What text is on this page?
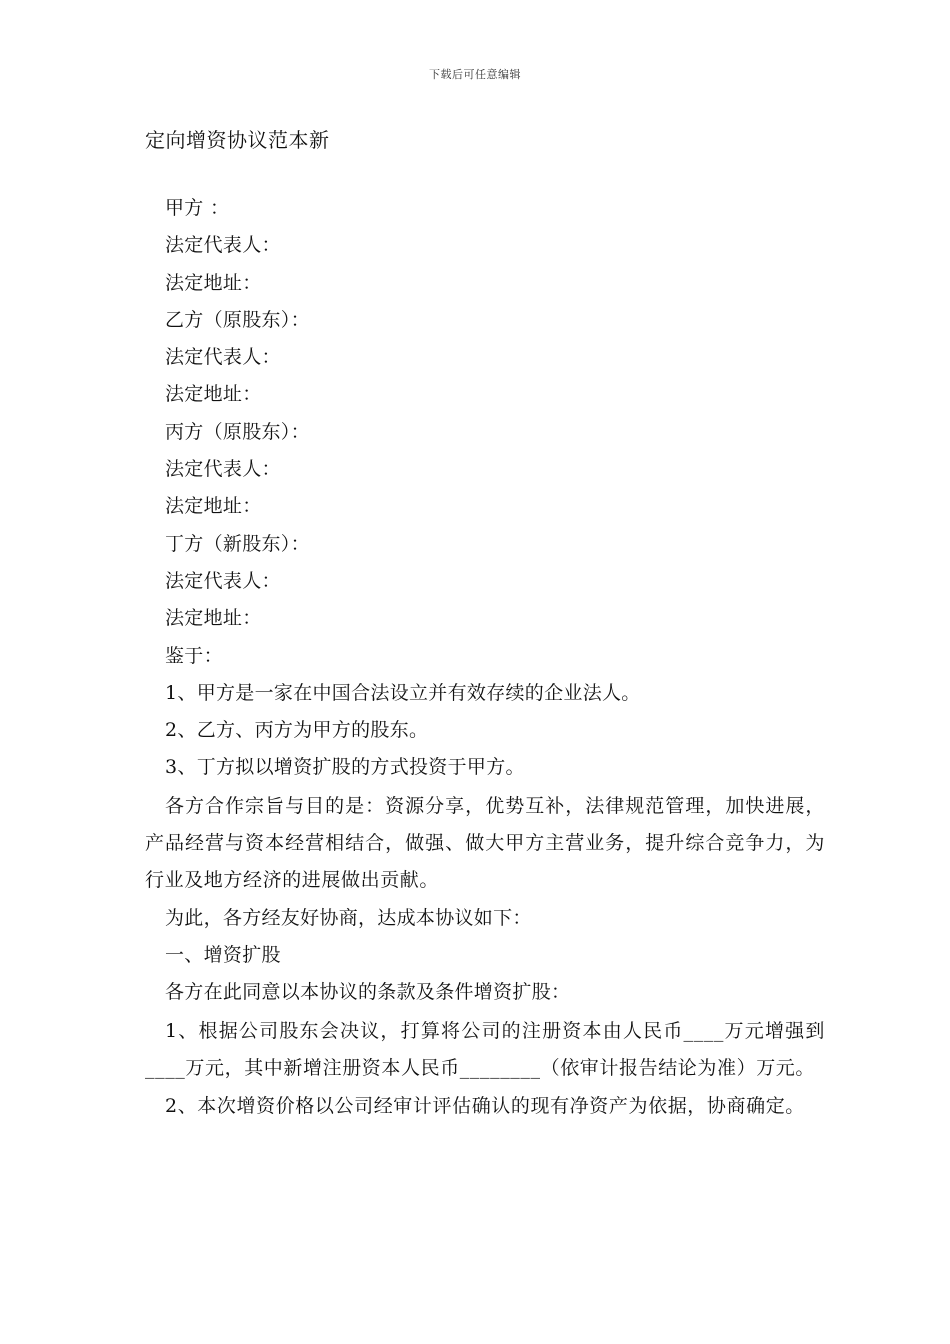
下载后可任意编辑
定向增资协议范本新
甲方 ：
法定代表人：
法定地址：
乙方（原股东）：
法定代表人：
法定地址：
丙方（原股东）：
法定代表人：
法定地址：
丁方（新股东）：
法定代表人：
法定地址：
鉴于：
1、甲方是一家在中国合法设立并有效存续的企业法人。
2、乙方、丙方为甲方的股东。
3、丁方拟以增资扩股的方式投资于甲方。
各方合作宗旨与目的是：资源分享，优势互补，法律规范管理，加快进展，产品经营与资本经营相结合，做强、做大甲方主营业务，提升综合竞争力，为行业及地方经济的进展做出贡献。
为此，各方经友好协商，达成本协议如下：
一、增资扩股
各方在此同意以本协议的条款及条件增资扩股：
1、根据公司股东会决议，打算将公司的注册资本由人民币____万元增强到____万元，其中新增注册资本人民币________（依审计报告结论为准）万元。
2、本次增资价格以公司经审计评估确认的现有净资产为依据，协商确定。
